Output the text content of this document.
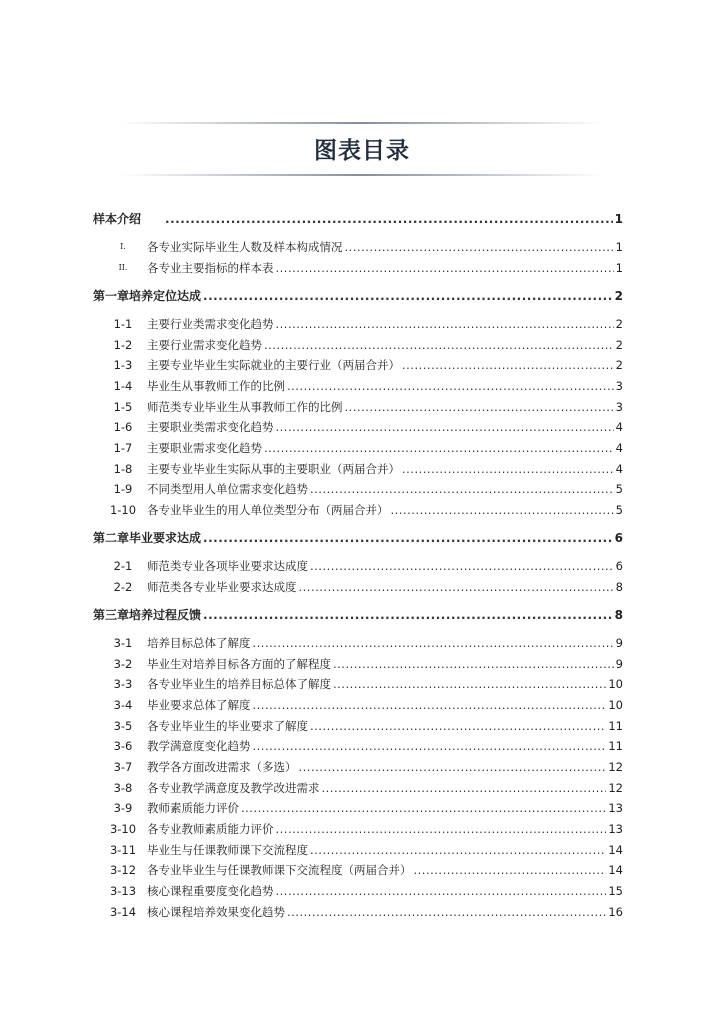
图表目录
样本介绍 .....	1
I.	各专业实际毕业生人数及样本构成情况 .....	1
II.	各专业主要指标的样本表 .....	1
第一章 培养定位达成 .....	2
1-1	主要行业类需求变化趋势 .....	2
1-2	主要行业需求变化趋势 .....	2
1-3	主要专业毕业生实际就业的主要行业（两届合并） .....	2
1-4	毕业生从事教师工作的比例 .....	3
1-5	师范类专业毕业生从事教师工作的比例 .....	3
1-6	主要职业类需求变化趋势 .....	4
1-7	主要职业需求变化趋势 .....	4
1-8	主要专业毕业生实际从事的主要职业（两届合并） .....	4
1-9	不同类型用人单位需求变化趋势 .....	5
1-10 各专业毕业生的用人单位类型分布（两届合并） .....	5
第二章 毕业要求达成 .....	6
2-1	师范类专业各项毕业要求达成度 .....	6
2-2	师范类各专业毕业要求达成度 .....	8
第三章 培养过程反馈 .....	8
3-1	培养目标总体了解度 .....	9
3-2	毕业生对培养目标各方面的了解程度 .....	9
3-3	各专业毕业生的培养目标总体了解度 .....	10
3-4	毕业要求总体了解度 .....	10
3-5	各专业毕业生的毕业要求了解度 .....	11
3-6	教学满意度变化趋势 .....	11
3-7	教学各方面改进需求（多选） .....	12
3-8	各专业教学满意度及教学改进需求 .....	12
3-9	教师素质能力评价 .....	13
3-10 各专业教师素质能力评价 .....	13
3-11 毕业生与任课教师课下交流程度 .....	14
3-12 各专业毕业生与任课教师课下交流程度（两届合并） .....	14
3-13 核心课程重要度变化趋势 .....	15
3-14 核心课程培养效果变化趋势 .....	16
